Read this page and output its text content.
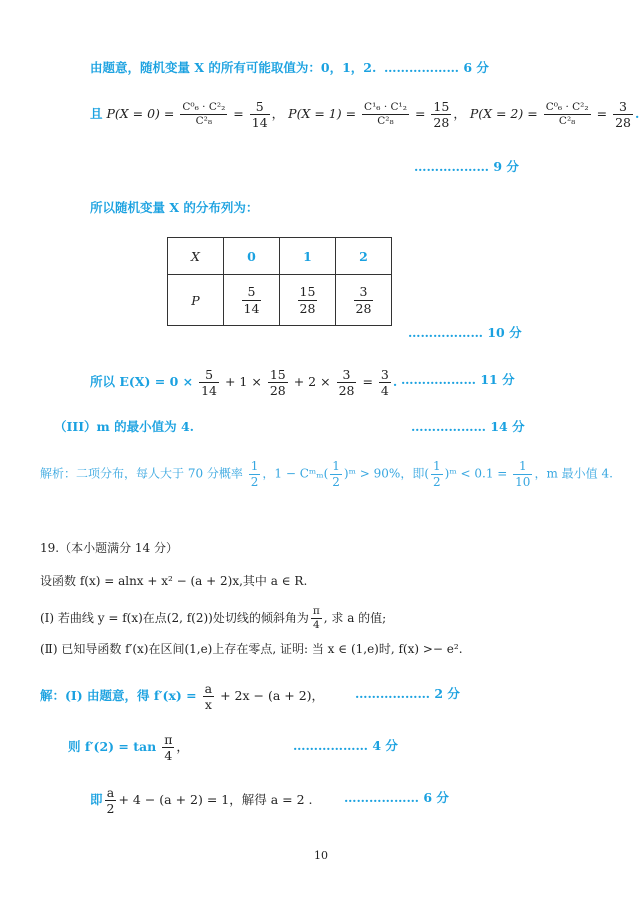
由题意，随机变量 X 的所有可能取值为：0，1，2. ……………… 6 分
且 $P(X = 0) = \frac{\text{C⁰₆ · C²₂}}{\text{C²₈}} = \frac{5}{14}$ ， $P(X = 1) = \frac{\text{C¹₆ · C¹₂}}{\text{C²₈}} = \frac{15}{28}$ ， $P(X = 2) = \frac{\text{C⁰₆ · C²₂}}{\text{C²₈}} = \frac{3}{28}$ .
……………… 9 分
所以随机变量 X 的分布列为：
X	0	1	2
P	$\frac{5}{14}$	$\frac{15}{28}$	$\frac{3}{28}$
……………… 10 分
所以 $E(X) = 0 \times \frac{5}{14} + 1 \times \frac{15}{28} + 2 \times \frac{3}{28} = \frac{3}{4}$ . ……………… 11 分
（III）m 的最小值为 4.	……………… 14 分
解析：二项分布，每人大于 70 分概率 $\frac{1}{2}$ ，1 − Cᵐₘ( $\frac{1}{2}$ )ᵐ > 90%，即( $\frac{1}{2}$ )ᵐ < $0.1 = \frac{1}{10}$ ，m 最小值 4.
19.（本小题满分 14 分）
设函数 f(x) = alnx + x² − (a + 2)x,其中 a ∈ R.
(Ⅰ) 若曲线 y = f(x)在点(2, f(2))处切线的倾斜角为 $\frac{\pi}{4}$ , 求 a 的值;
(Ⅱ) 已知导函数 f′(x)在区间(1,e)上存在零点, 证明: 当 x ∈ (1,e)时, f(x) >− e².
解：(Ⅰ) 由题意，得 $f'(x) = \frac{a}{x} + 2x - (a + 2)$， ……………… 2 分
则 $f'(2) = \tan \frac{\pi}{4}$ ，	……………… 4 分
即 $\frac{a}{2} + 4 - (a + 2) = 1$，解得 a = 2 .	……………… 6 分
10
